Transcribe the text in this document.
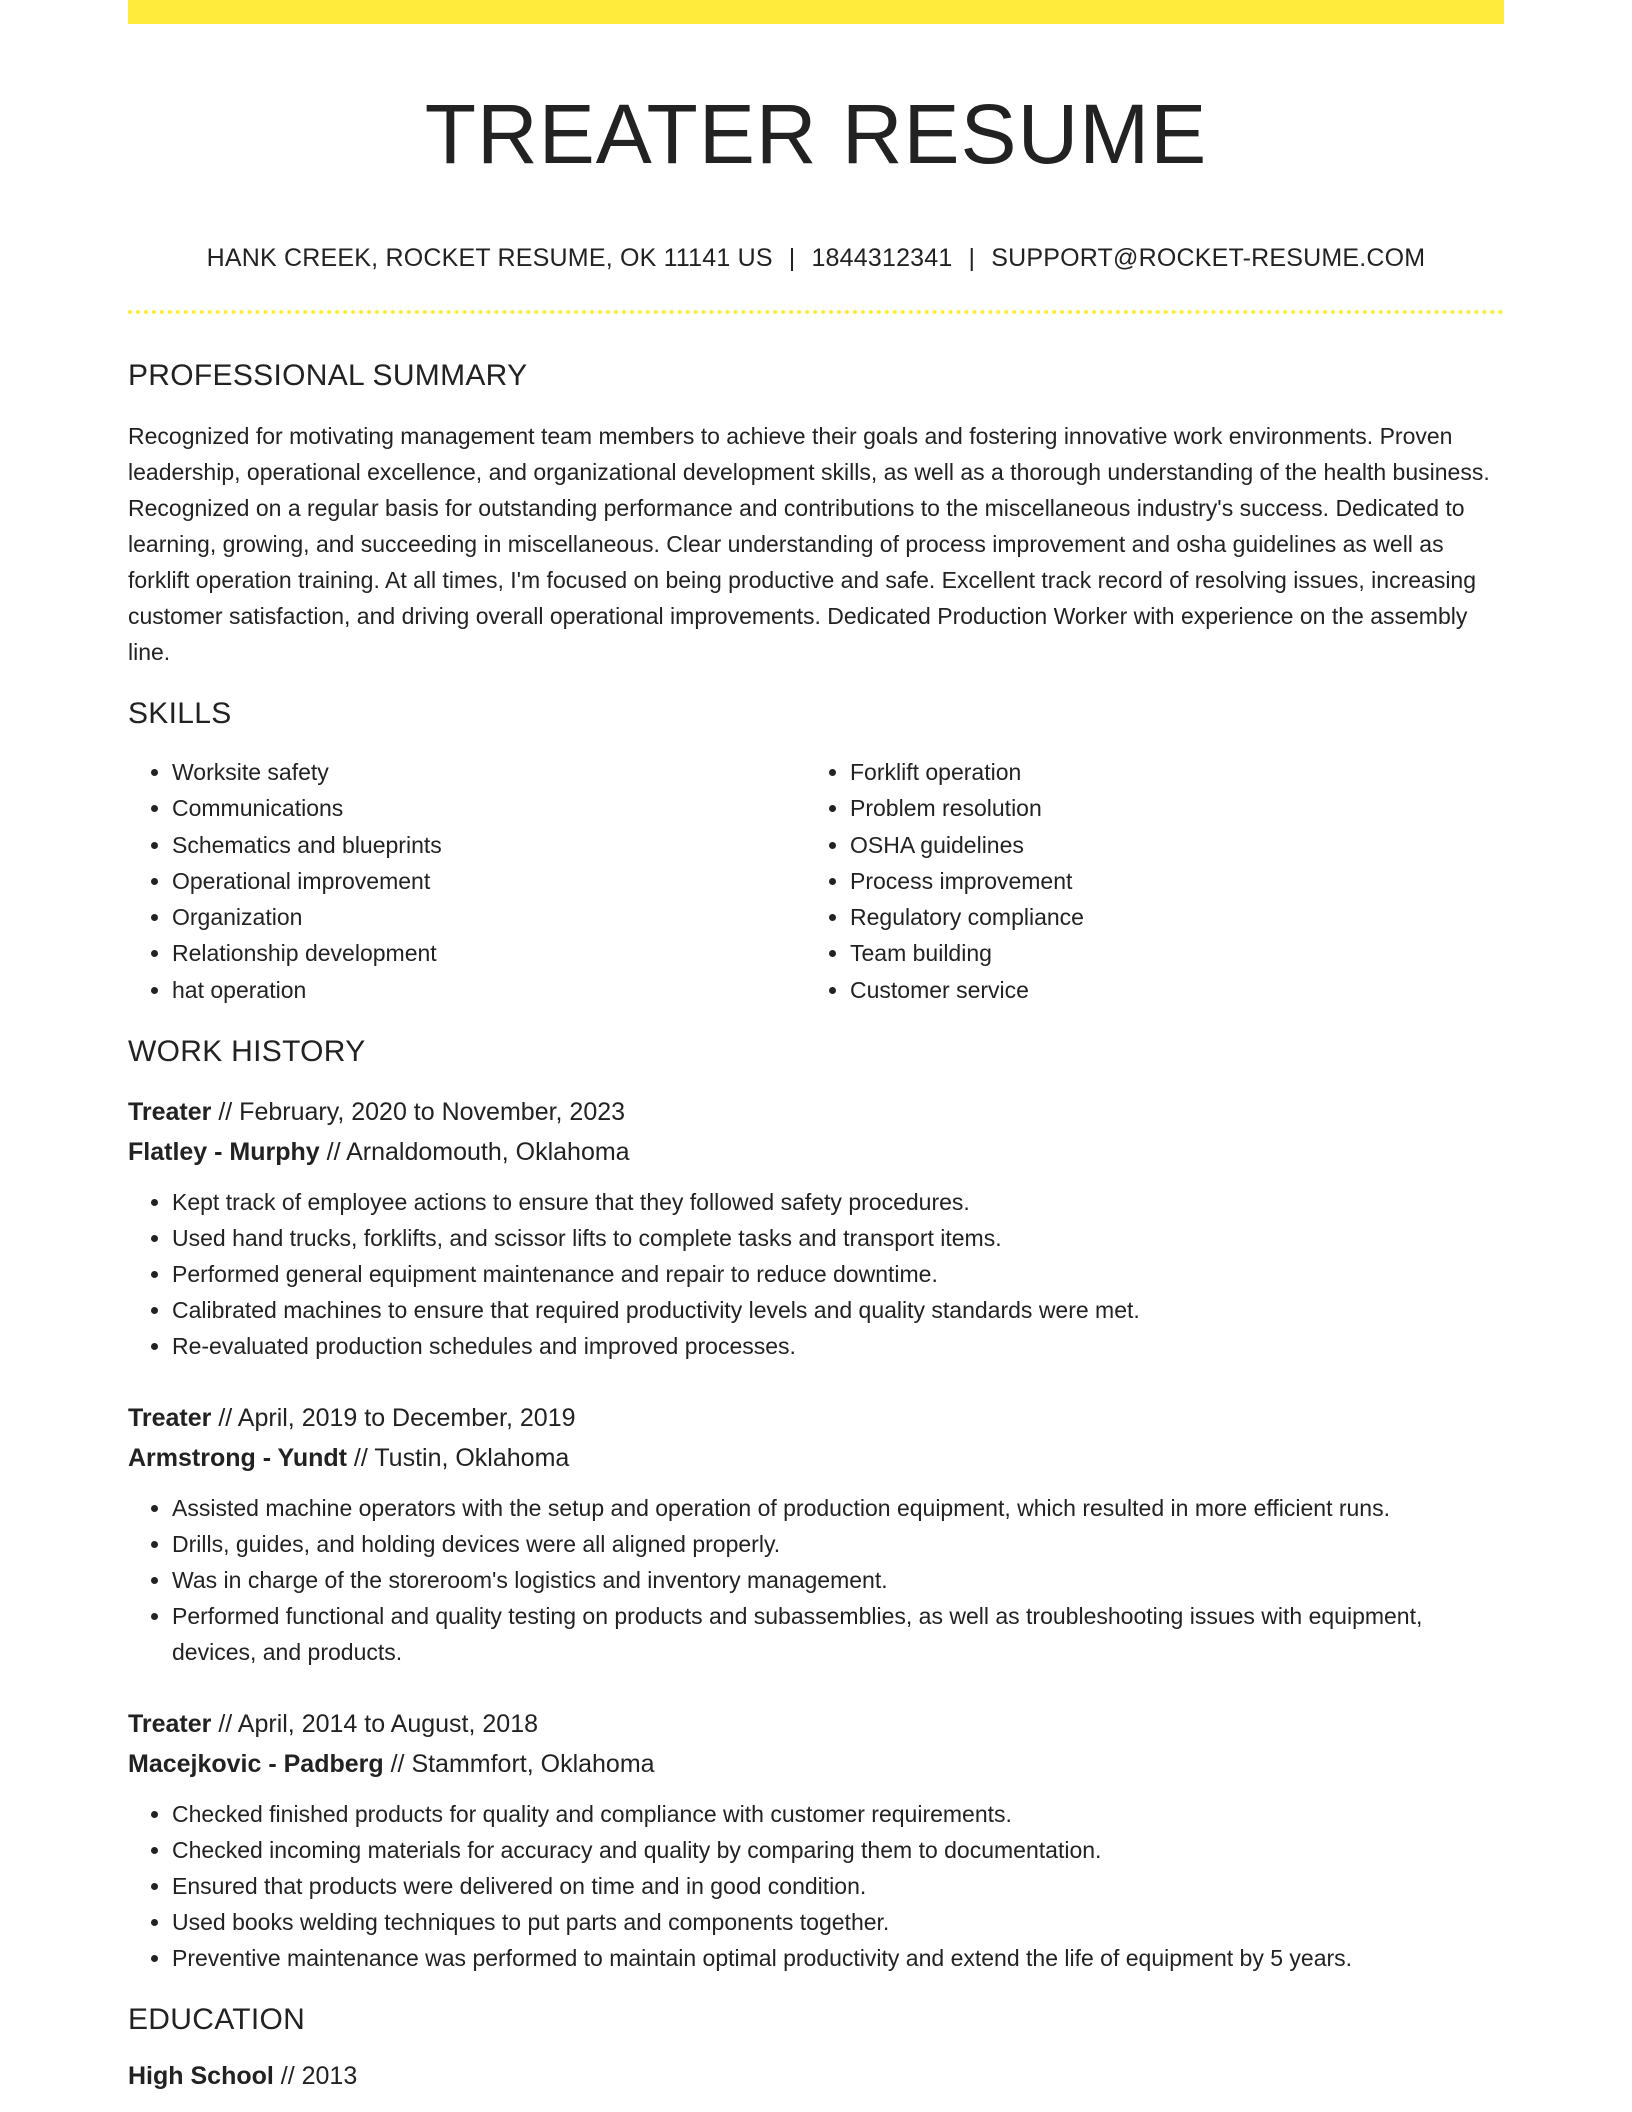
TREATER RESUME
HANK CREEK, ROCKET RESUME, OK 11141 US | 1844312341 | SUPPORT@ROCKET-RESUME.COM
PROFESSIONAL SUMMARY

Recognized for motivating management team members to achieve their goals and fostering innovative work environments. Proven leadership, operational excellence, and organizational development skills, as well as a thorough understanding of the health business. Recognized on a regular basis for outstanding performance and contributions to the miscellaneous industry's success. Dedicated to learning, growing, and succeeding in miscellaneous. Clear understanding of process improvement and osha guidelines as well as forklift operation training. At all times, I'm focused on being productive and safe. Excellent track record of resolving issues, increasing customer satisfaction, and driving overall operational improvements. Dedicated Production Worker with experience on the assembly line.

SKILLS
• Worksite safety
• Communications
• Schematics and blueprints
• Operational improvement
• Organization
• Relationship development
• hat operation
• Forklift operation
• Problem resolution
• OSHA guidelines
• Process improvement
• Regulatory compliance
• Team building
• Customer service
WORK HISTORY
Treater // February, 2020 to November, 2023
Flatley - Murphy // Arnaldomouth, Oklahoma
• Kept track of employee actions to ensure that they followed safety procedures.
• Used hand trucks, forklifts, and scissor lifts to complete tasks and transport items.
• Performed general equipment maintenance and repair to reduce downtime.
• Calibrated machines to ensure that required productivity levels and quality standards were met.
• Re-evaluated production schedules and improved processes.
Treater // April, 2019 to December, 2019
Armstrong - Yundt // Tustin, Oklahoma
• Assisted machine operators with the setup and operation of production equipment, which resulted in more efficient runs.
• Drills, guides, and holding devices were all aligned properly.
• Was in charge of the storeroom's logistics and inventory management.
• Performed functional and quality testing on products and subassemblies, as well as troubleshooting issues with equipment, devices, and products.
Treater // April, 2014 to August, 2018
Macejkovic - Padberg // Stammfort, Oklahoma
• Checked finished products for quality and compliance with customer requirements.
• Checked incoming materials for accuracy and quality by comparing them to documentation.
• Ensured that products were delivered on time and in good condition.
• Used books welding techniques to put parts and components together.
• Preventive maintenance was performed to maintain optimal productivity and extend the life of equipment by 5 years.
EDUCATION
High School // 2013
